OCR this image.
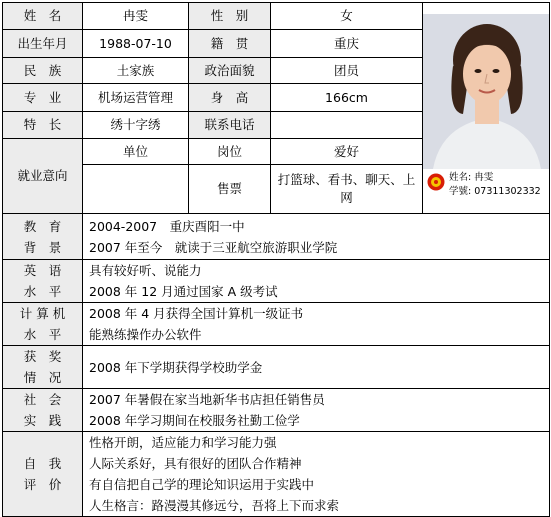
姓　名	冉雯	性　别	女	姓名: 冉雯
学號: 07311302332

出生年月	1988-07-10	籍　贯	重庆	
民　族	土家族	政治面貌	团员	
专　业	机场运营管理	身　高	166cm	
特　长	绣十字绣	联系电话		
就业意向	单位	岗位	爱好	
		售票	打篮球、看书、聊天、上网	

教　育
背　景	2004-2007　重庆酉阳一中
2007 年至今　就读于三亚航空旅游职业学院			

英　语
水　平	具有较好听、说能力
2008 年 12 月通过国家 A 级考试			

计 算 机
水　平	2008 年 4 月获得全国计算机一级证书
能熟练操作办公软件			

获　奖
情　况	2008 年下学期获得学校助学金			

社　会
实　践	2007 年暑假在家当地新华书店担任销售员
2008 年学习期间在校服务社勤工俭学			

自　我
评　价	性格开朗，适应能力和学习能力强
人际关系好，具有很好的团队合作精神
有自信把自己学的理论知识运用于实践中
人生格言：路漫漫其修远兮，吾将上下而求索			
